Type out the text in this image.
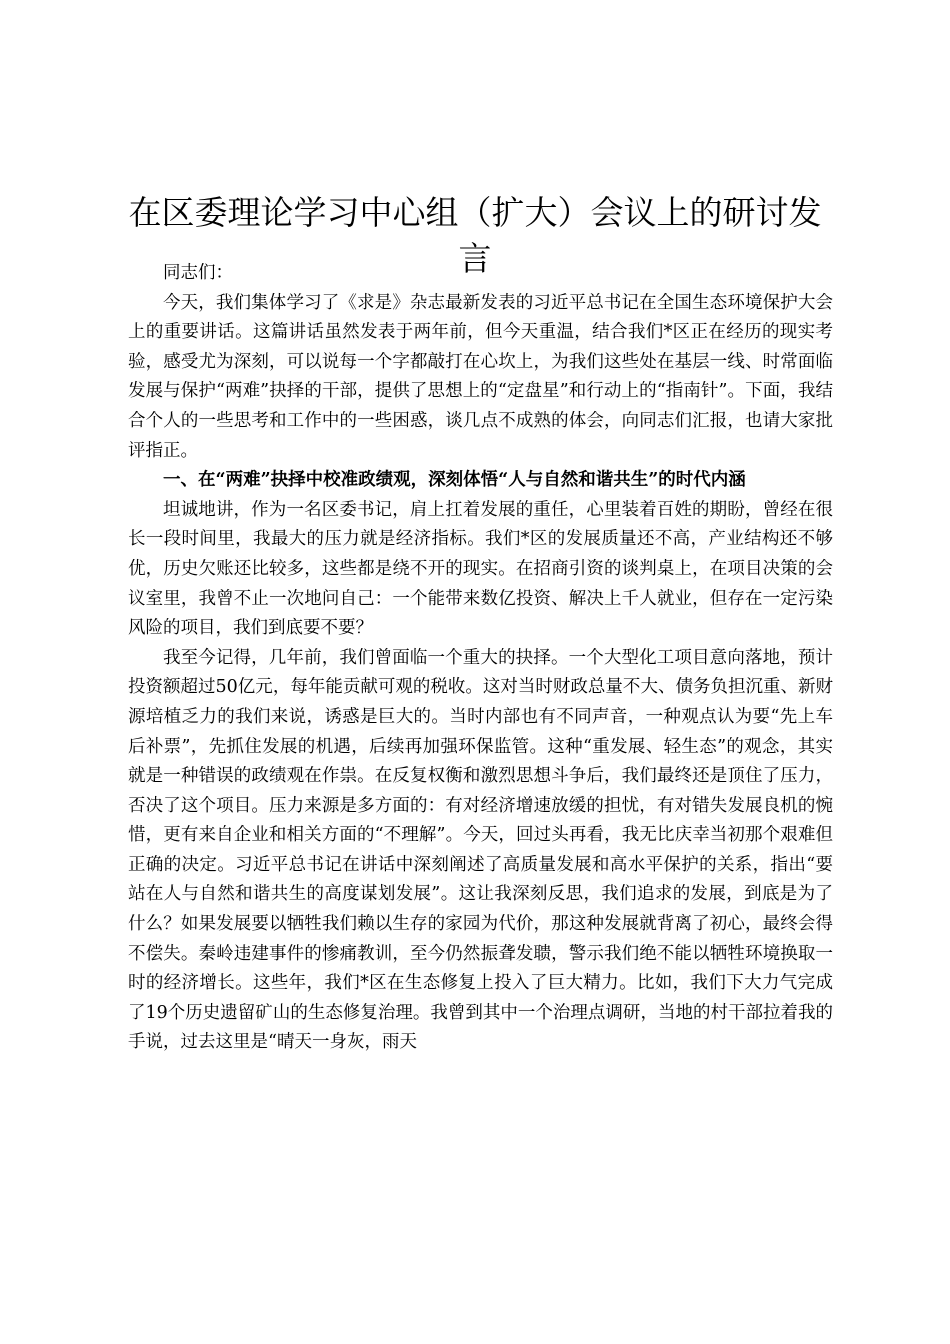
在区委理论学习中心组（扩大）会议上的研讨发言

同志们：

今天，我们集体学习了《求是》杂志最新发表的习近平总书记在全国生态环境保护大会上的重要讲话。这篇讲话虽然发表于两年前，但今天重温，结合我们*区正在经历的现实考验，感受尤为深刻，可以说每一个字都敲打在心坎上，为我们这些处在基层一线、时常面临发展与保护“两难”抉择的干部，提供了思想上的“定盘星”和行动上的“指南针”。下面，我结合个人的一些思考和工作中的一些困惑，谈几点不成熟的体会，向同志们汇报，也请大家批评指正。

一、在“两难”抉择中校准政绩观，深刻体悟“人与自然和谐共生”的时代内涵

坦诚地讲，作为一名区委书记，肩上扛着发展的重任，心里装着百姓的期盼，曾经在很长一段时间里，我最大的压力就是经济指标。我们*区的发展质量还不高，产业结构还不够优，历史欠账还比较多，这些都是绕不开的现实。在招商引资的谈判桌上，在项目决策的会议室里，我曾不止一次地问自己：一个能带来数亿投资、解决上千人就业，但存在一定污染风险的项目，我们到底要不要？

我至今记得，几年前，我们曾面临一个重大的抉择。一个大型化工项目意向落地，预计投资额超过50亿元，每年能贡献可观的税收。这对当时财政总量不大、债务负担沉重、新财源培植乏力的我们来说，诱惑是巨大的。当时内部也有不同声音，一种观点认为要“先上车后补票”，先抓住发展的机遇，后续再加强环保监管。这种“重发展、轻生态”的观念，其实就是一种错误的政绩观在作祟。在反复权衡和激烈思想斗争后，我们最终还是顶住了压力，否决了这个项目。压力来源是多方面的：有对经济增速放缓的担忧，有对错失发展良机的惋惜，更有来自企业和相关方面的“不理解”。今天，回过头再看，我无比庆幸当初那个艰难但正确的决定。习近平总书记在讲话中深刻阐述了高质量发展和高水平保护的关系，指出“要站在人与自然和谐共生的高度谋划发展”。这让我深刻反思，我们追求的发展，到底是为了什么？如果发展要以牺牲我们赖以生存的家园为代价，那这种发展就背离了初心，最终会得不偿失。秦岭违建事件的惨痛教训，至今仍然振聋发聩，警示我们绝不能以牺牲环境换取一时的经济增长。这些年，我们*区在生态修复上投入了巨大精力。比如，我们下大力气完成了19个历史遗留矿山的生态修复治理。我曾到其中一个治理点调研，当地的村干部拉着我的手说，过去这里是“晴天一身灰，雨天
